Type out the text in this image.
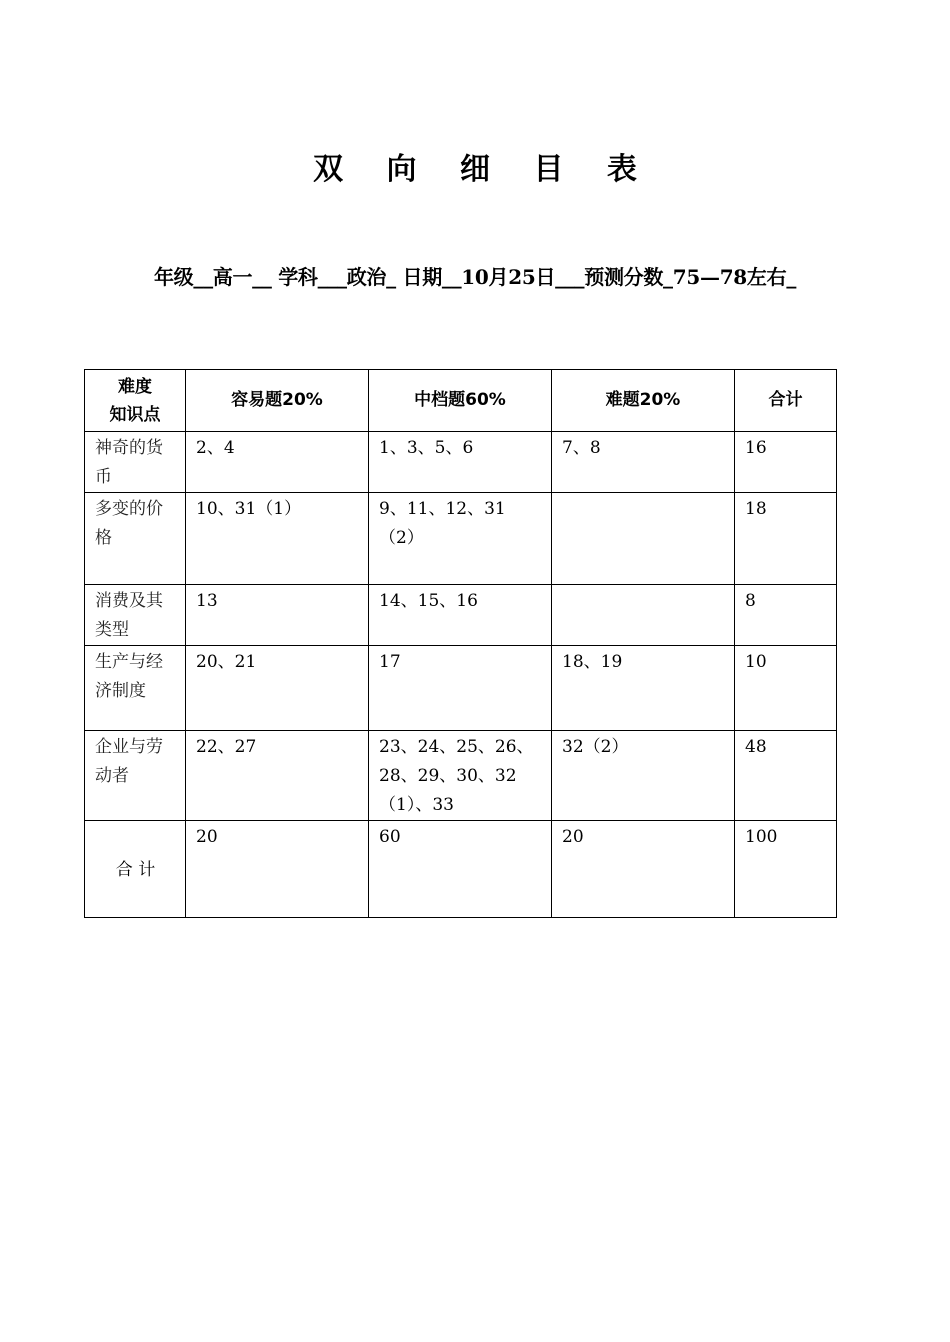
双 向 细 目 表
年级__高一__ 学科___政治_ 日期__10月25日___预测分数_75—78左右_
难度
知识点	容易题20%	中档题60%	难题20%	合计
神奇的货币	2、4	1、3、5、6	7、8	16
多变的价格	10、31（1）	9、11、12、31（2）		18
消费及其类型	13	14、15、16		8
生产与经济制度	20、21	17	18、19	10
企业与劳动者	22、27	23、24、25、26、28、29、30、32（1）、33	32（2）	48
合 计	20	60	20	100
